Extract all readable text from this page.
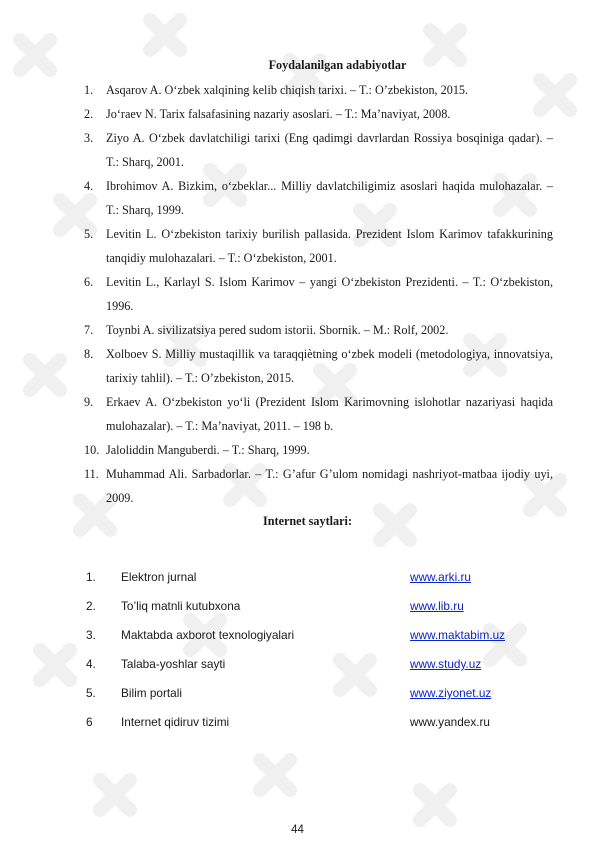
Foydalanilgan adabiyotlar
1.	Asqarov A. O‘zbek xalqining kelib chiqish tarixi. – T.: O’zbekiston, 2015.
2.	Jo‘raev N. Tarix falsafasining nazariy asoslari. – T.: Ma’naviyat, 2008.
3.	Ziyo A. O‘zbek davlatchiligi tarixi (Eng qadimgi davrlardan Rossiya bosqiniga qadar). – T.: Sharq, 2001.
4.	Ibrohimov A. Bizkim, o‘zbeklar... Milliy davlatchiligimiz asoslari haqida mulohazalar. – T.: Sharq, 1999.
5.	Levitin L. O‘zbekiston tarixiy burilish pallasida. Prezident Islom Karimov tafakkurining tanqidiy mulohazalari. – T.: O‘zbekiston, 2001.
6.	Levitin L., Karlayl S. Islom Karimov – yangi O‘zbekiston Prezidenti. – T.: O‘zbekiston, 1996.
7.	Toynbi A. sivilizatsiya pered sudom istorii. Sbornik. – M.: Rolf, 2002.
8.	Xolboev S. Milliy mustaqillik va taraqqiѐtning o‘zbek modeli (metodologiya, innovatsiya, tarixiy tahlil). – T.: O’zbekiston, 2015.
9.	Erkaev A. O‘zbekiston yo‘li (Prezident Islom Karimovning islohotlar nazariyasi haqida mulohazalar). – T.: Ma’naviyat, 2011. – 198 b.
10. Jaloliddin Manguberdi. – T.: Sharq, 1999.
11. Muhammad Ali. Sarbadorlar. – T.: G’afur G’ulom nomidagi nashriyot-matbaa ijodiy uyi, 2009.
Internet saytlari:
1. Elektron jurnal	www.arki.ru
2. To’liq matnli kutubxona	www.lib.ru
3. Maktabda axborot texnologiyalari	www.maktabim.uz
4. Talaba-yoshlar sayti	www.study.uz
5. Bilim portali	www.ziyonet.uz
6 Internet qidiruv tizimi	www.yandex.ru
44
